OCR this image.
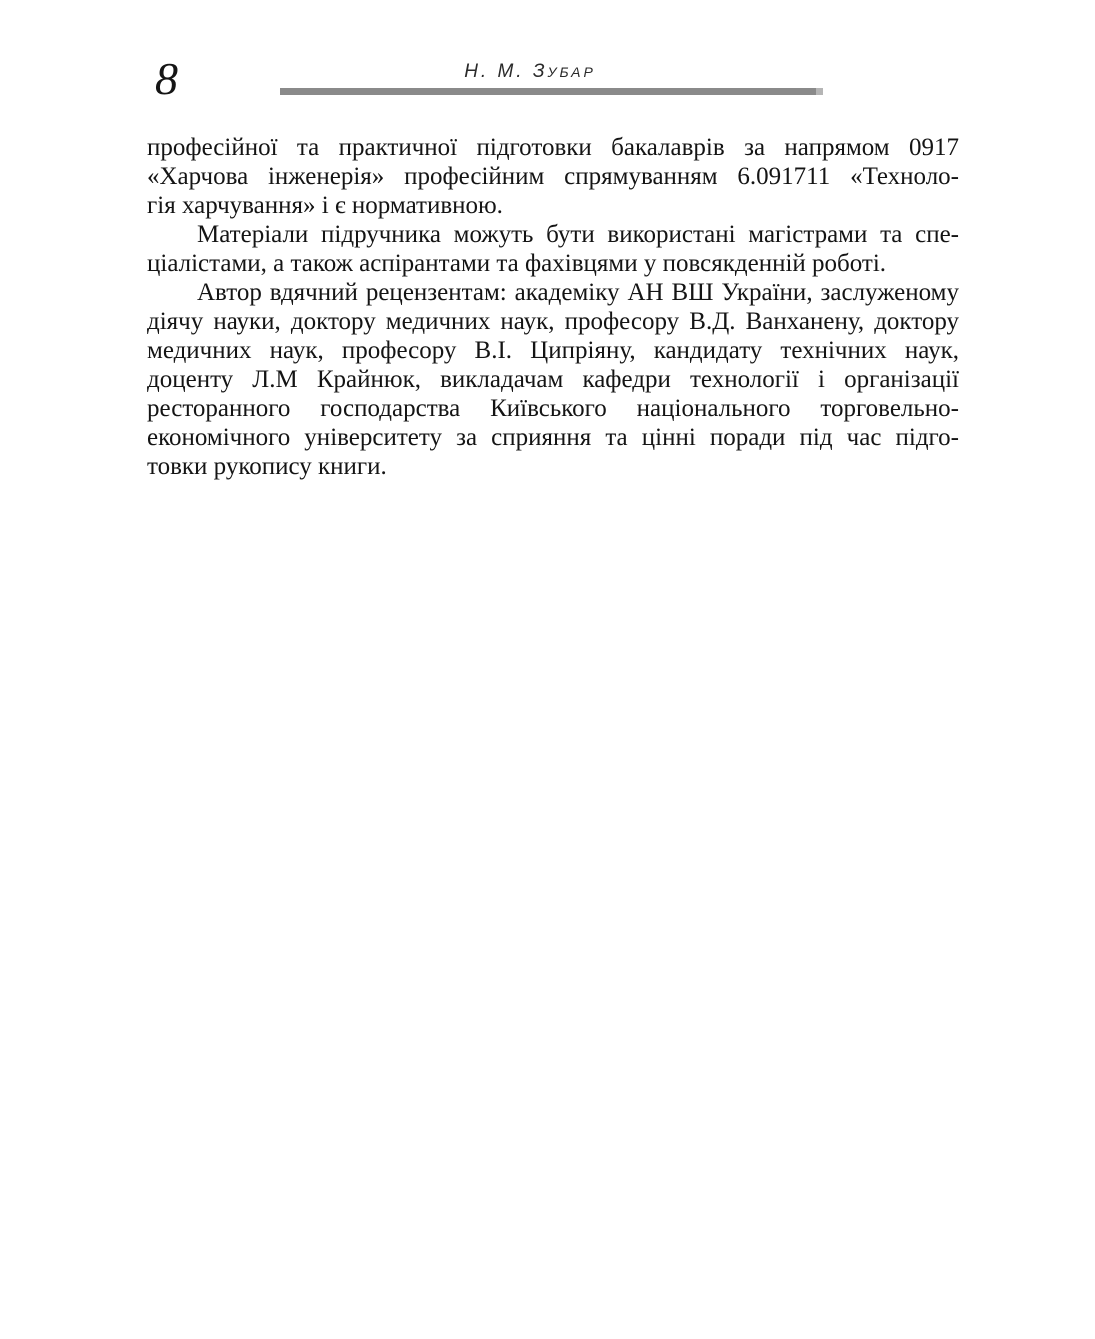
8	Н. М. ЗУБАР
професійної та практичної підготовки бакалаврів за напрямом 0917
«Харчова інженерія» професійним спрямуванням 6.091711 «Техноло-
гія харчування» і є нормативною.
Матеріали підручника можуть бути використані магістрами та спе-
ціалістами, а також аспірантами та фахівцями у повсякденній роботі.
Автор вдячний рецензентам: академіку АН ВШ України, заслуженому
діячу науки, доктору медичних наук, професору В.Д. Ванханену, доктору
медичних наук, професору В.І. Ципріяну, кандидату технічних наук,
доценту Л.М Крайнюк, викладачам кафедри технології і організації
ресторанного господарства Київського національного торговельно-
економічного університету за сприяння та цінні поради під час підго-
товки рукопису книги.
